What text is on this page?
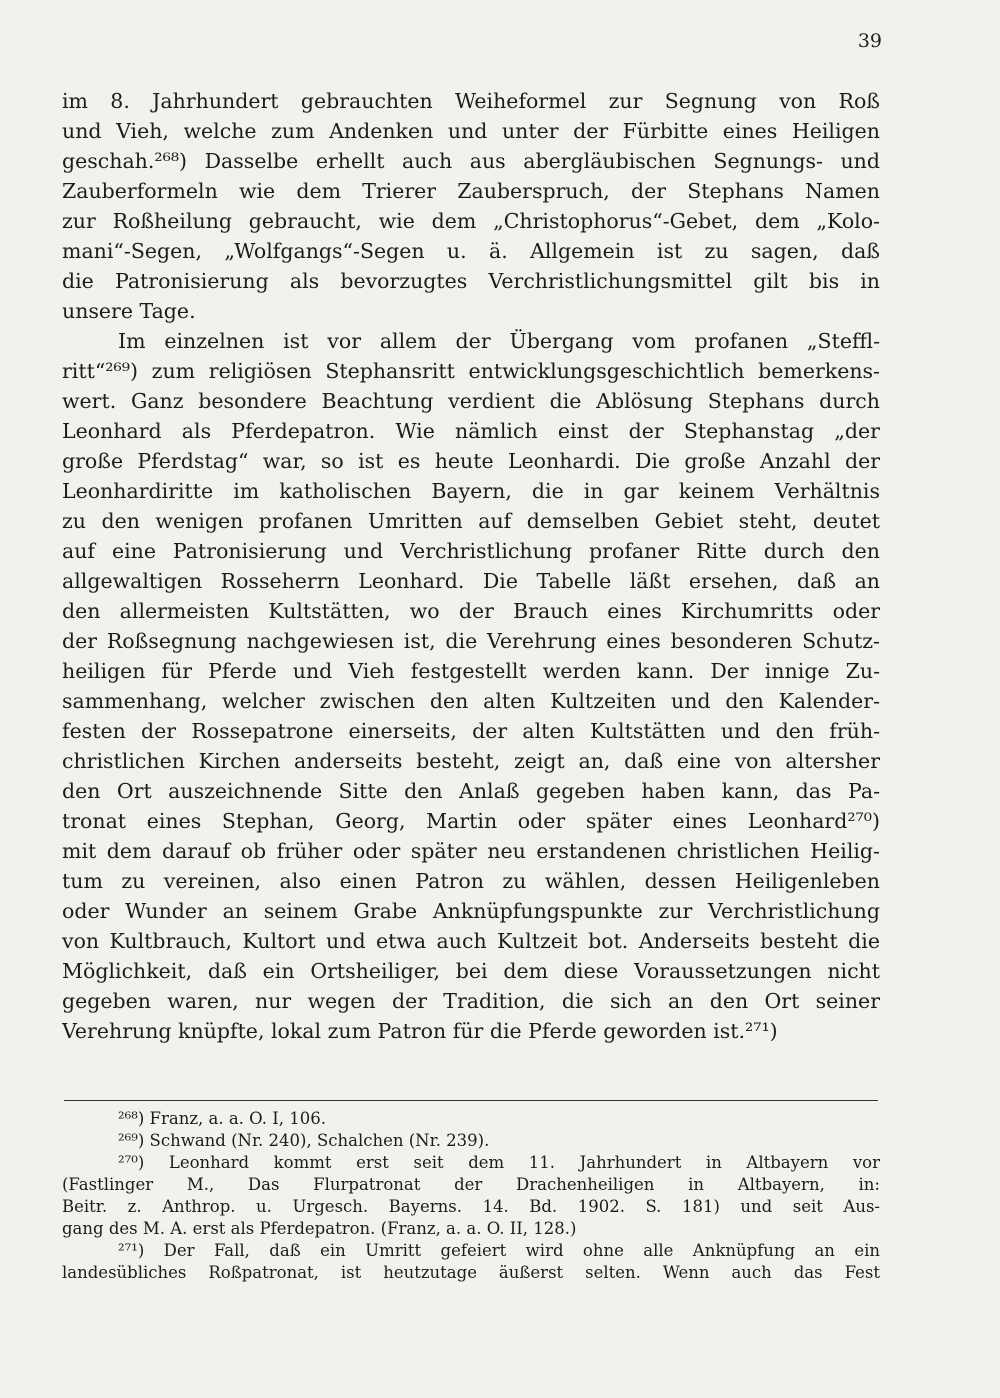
39
im 8. Jahrhundert gebrauchten Weiheformel zur Segnung von Roß
und Vieh, welche zum Andenken und unter der Fürbitte eines Heiligen
geschah.²⁶⁸) Dasselbe erhellt auch aus abergläubischen Segnungs- und
Zauberformeln wie dem Trierer Zauberspruch, der Stephans Namen
zur Roßheilung gebraucht, wie dem „Christophorus“-Gebet, dem „Kolo-
mani“-Segen, „Wolfgangs“-Segen u. ä. Allgemein ist zu sagen, daß
die Patronisierung als bevorzugtes Verchristlichungsmittel gilt bis in
unsere Tage.
Im einzelnen ist vor allem der Übergang vom profanen „Steffl-
ritt“²⁶⁹) zum religiösen Stephansritt entwicklungsgeschichtlich bemerkens-
wert. Ganz besondere Beachtung verdient die Ablösung Stephans durch
Leonhard als Pferdepatron. Wie nämlich einst der Stephanstag „der
große Pferdstag“ war, so ist es heute Leonhardi. Die große Anzahl der
Leonhardiritte im katholischen Bayern, die in gar keinem Verhältnis
zu den wenigen profanen Umritten auf demselben Gebiet steht, deutet
auf eine Patronisierung und Verchristlichung profaner Ritte durch den
allgewaltigen Rosseherrn Leonhard. Die Tabelle läßt ersehen, daß an
den allermeisten Kultstätten, wo der Brauch eines Kirchumritts oder
der Roßsegnung nachgewiesen ist, die Verehrung eines besonderen Schutz-
heiligen für Pferde und Vieh festgestellt werden kann. Der innige Zu-
sammenhang, welcher zwischen den alten Kultzeiten und den Kalender-
festen der Rossepatrone einerseits, der alten Kultstätten und den früh-
christlichen Kirchen anderseits besteht, zeigt an, daß eine von altersher
den Ort auszeichnende Sitte den Anlaß gegeben haben kann, das Pa-
tronat eines Stephan, Georg, Martin oder später eines Leonhard²⁷⁰)
mit dem darauf ob früher oder später neu erstandenen christlichen Heilig-
tum zu vereinen, also einen Patron zu wählen, dessen Heiligenleben
oder Wunder an seinem Grabe Anknüpfungspunkte zur Verchristlichung
von Kultbrauch, Kultort und etwa auch Kultzeit bot. Anderseits besteht die
Möglichkeit, daß ein Ortsheiliger, bei dem diese Voraussetzungen nicht
gegeben waren, nur wegen der Tradition, die sich an den Ort seiner
Verehrung knüpfte, lokal zum Patron für die Pferde geworden ist.²⁷¹)
²⁶⁸) Franz, a. a. O. I, 106.
²⁶⁹) Schwand (Nr. 240), Schalchen (Nr. 239).
²⁷⁰) Leonhard kommt erst seit dem 11. Jahrhundert in Altbayern vor
(Fastlinger M., Das Flurpatronat der Drachenheiligen in Altbayern, in:
Beitr. z. Anthrop. u. Urgesch. Bayerns. 14. Bd. 1902. S. 181) und seit Aus-
gang des M. A. erst als Pferdepatron. (Franz, a. a. O. II, 128.)
²⁷¹) Der Fall, daß ein Umritt gefeiert wird ohne alle Anknüpfung an ein
landesübliches Roßpatronat, ist heutzutage äußerst selten. Wenn auch das Fest
